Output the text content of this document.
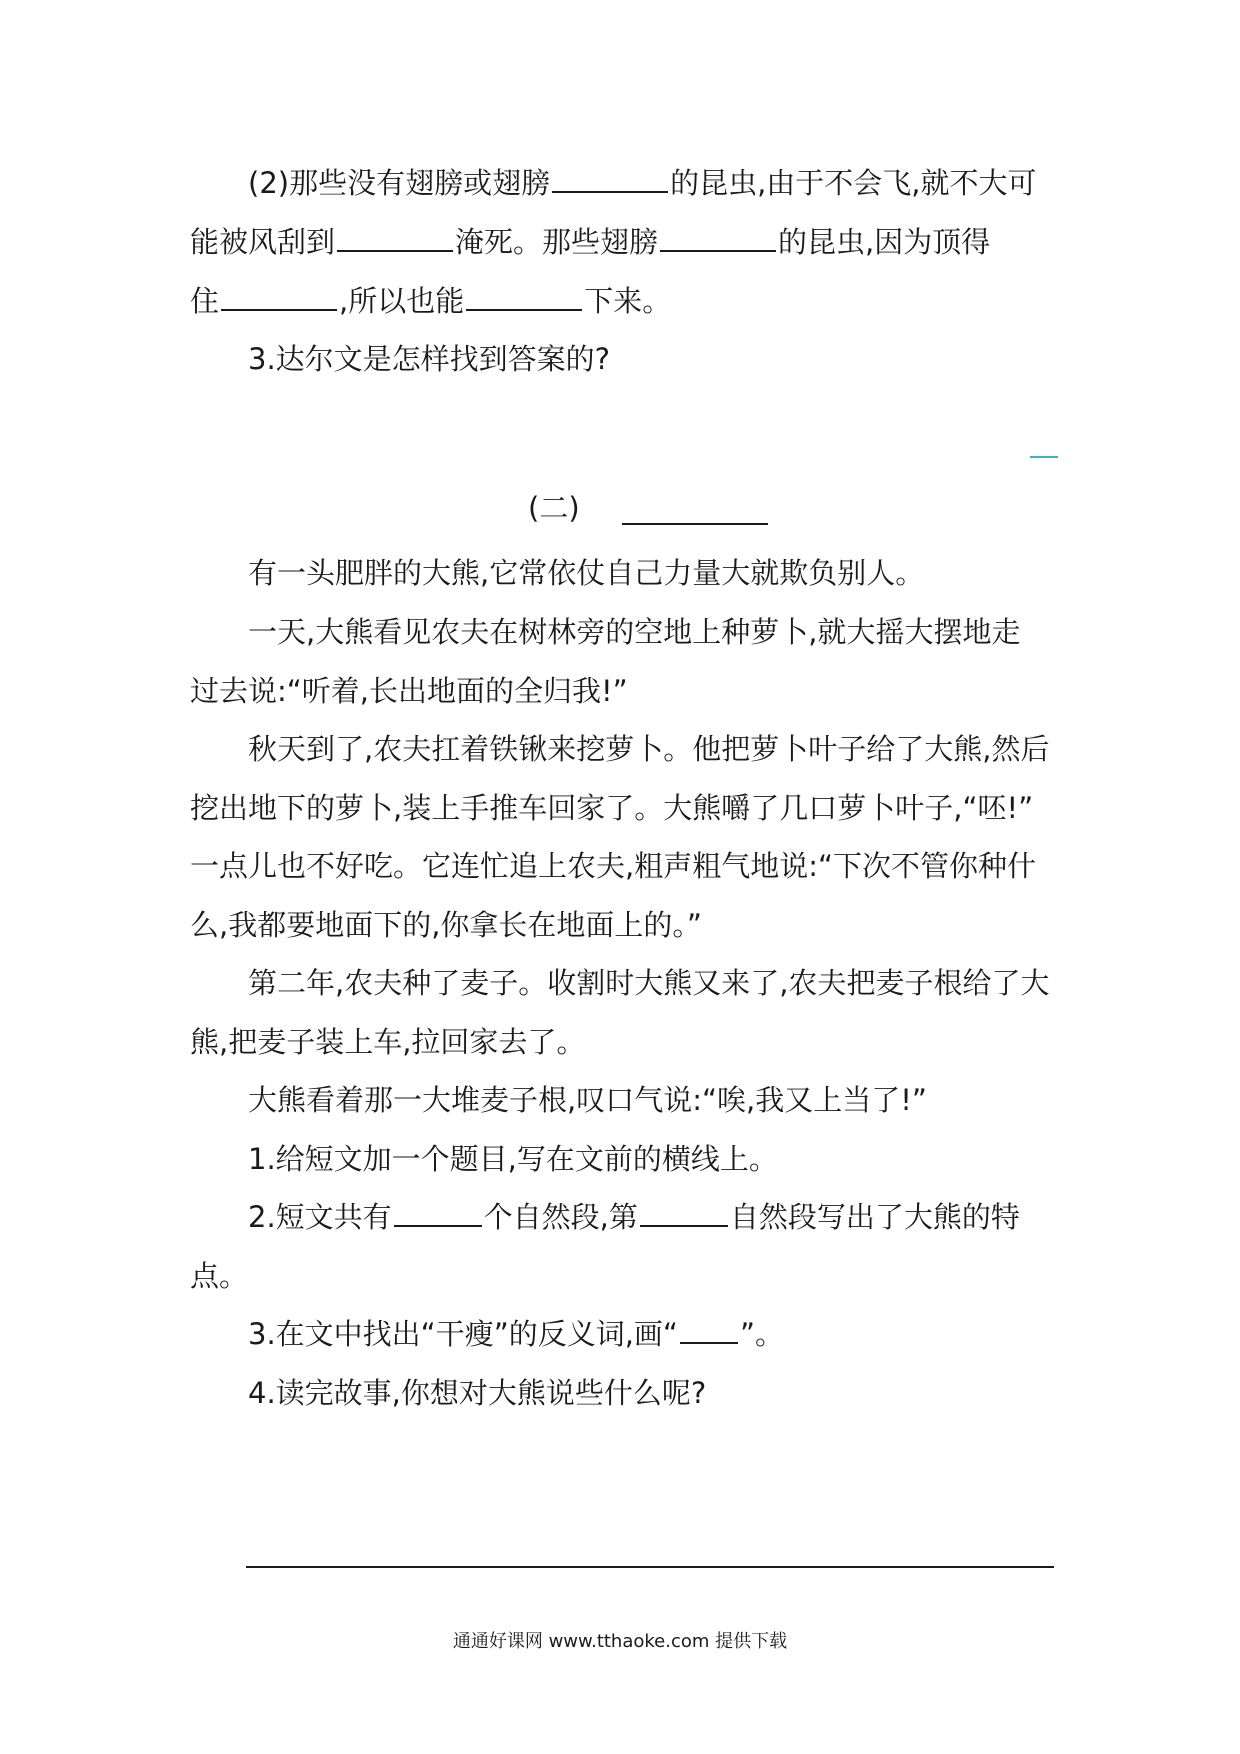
(2)那些没有翅膀或翅膀	的昆虫,由于不会飞,就不大可
能被风刮到	淹死。那些翅膀	的昆虫,因为顶得
住	,所以也能	下来。
3.达尔文是怎样找到答案的?
(二)
有一头肥胖的大熊,它常依仗自己力量大就欺负别人。
一天,大熊看见农夫在树林旁的空地上种萝卜,就大摇大摆地走
过去说:“听着,长出地面的全归我!”
秋天到了,农夫扛着铁锹来挖萝卜。他把萝卜叶子给了大熊,然后
挖出地下的萝卜,装上手推车回家了。大熊嚼了几口萝卜叶子,“呸!”
一点儿也不好吃。它连忙追上农夫,粗声粗气地说:“下次不管你种什
么,我都要地面下的,你拿长在地面上的。”
第二年,农夫种了麦子。收割时大熊又来了,农夫把麦子根给了大
熊,把麦子装上车,拉回家去了。
大熊看着那一大堆麦子根,叹口气说:“唉,我又上当了!”
1.给短文加一个题目,写在文前的横线上。
2.短文共有	个自然段,第	自然段写出了大熊的特
点。
3.在文中找出“干瘦”的反义词,画“ ”。
4.读完故事,你想对大熊说些什么呢?
通通好课网 www.tthaoke.com 提供下载
